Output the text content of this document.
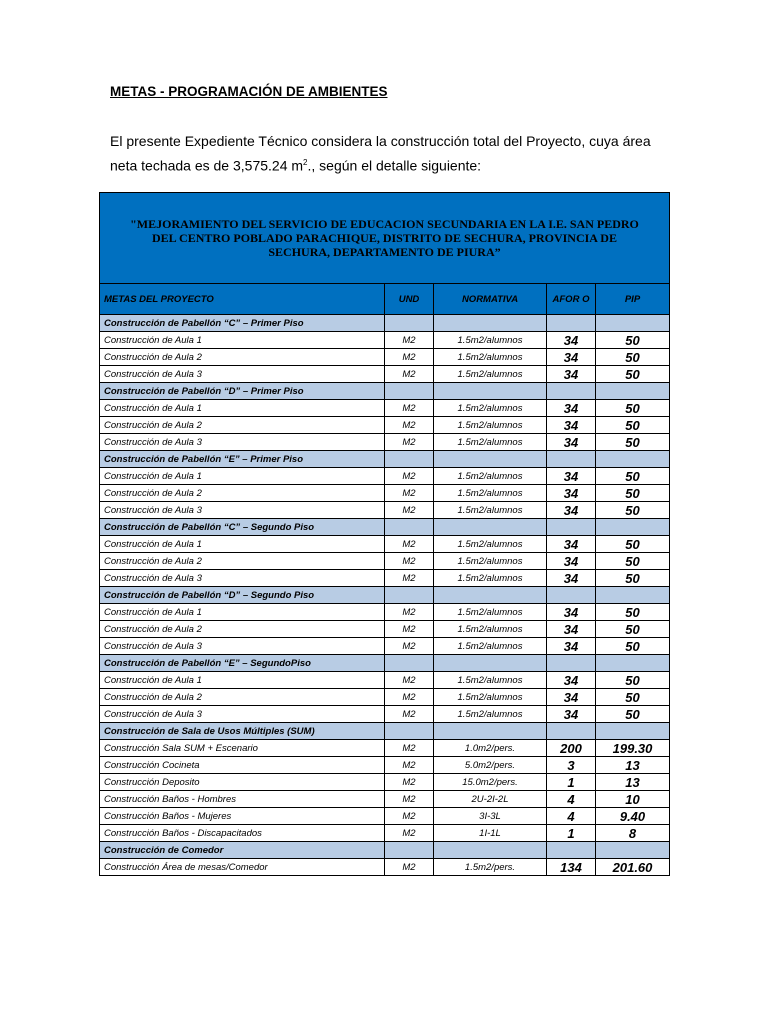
METAS - PROGRAMACIÓN DE AMBIENTES
El presente Expediente Técnico considera la construcción total del Proyecto, cuya área neta techada es de 3,575.24 $m^2$., según el detalle siguiente:
"MEJORAMIENTO DEL SERVICIO DE EDUCACION SECUNDARIA EN LA I.E. SAN PEDRO DEL CENTRO POBLADO PARACHIQUE, DISTRITO DE SECHURA, PROVINCIA DE SECHURA, DEPARTAMENTO DE PIURA”				
METAS DEL PROYECTO	UND	NORMATIVA	AFOR O	PIP
Construcción de Pabellón “C” – Primer Piso				
Construcción de Aula 1	M2	1.5m2/alumnos	34	50
Construcción de Aula 2	M2	1.5m2/alumnos	34	50
Construcción de Aula 3	M2	1.5m2/alumnos	34	50
Construcción de Pabellón “D” – Primer Piso				
Construcción de Aula 1	M2	1.5m2/alumnos	34	50
Construcción de Aula 2	M2	1.5m2/alumnos	34	50
Construcción de Aula 3	M2	1.5m2/alumnos	34	50
Construcción de Pabellón “E” – Primer Piso				
Construcción de Aula 1	M2	1.5m2/alumnos	34	50
Construcción de Aula 2	M2	1.5m2/alumnos	34	50
Construcción de Aula 3	M2	1.5m2/alumnos	34	50
Construcción de Pabellón “C” – Segundo Piso				
Construcción de Aula 1	M2	1.5m2/alumnos	34	50
Construcción de Aula 2	M2	1.5m2/alumnos	34	50
Construcción de Aula 3	M2	1.5m2/alumnos	34	50
Construcción de Pabellón “D” – Segundo Piso				
Construcción de Aula 1	M2	1.5m2/alumnos	34	50
Construcción de Aula 2	M2	1.5m2/alumnos	34	50
Construcción de Aula 3	M2	1.5m2/alumnos	34	50
Construcción de Pabellón “E” – SegundoPiso				
Construcción de Aula 1	M2	1.5m2/alumnos	34	50
Construcción de Aula 2	M2	1.5m2/alumnos	34	50
Construcción de Aula 3	M2	1.5m2/alumnos	34	50
Construcción de Sala de Usos Múltiples (SUM)				
Construcción Sala SUM + Escenario	M2	1.0m2/pers.	200	199.30
Construcción Cocineta	M2	5.0m2/pers.	3	13
Construcción Deposito	M2	15.0m2/pers.	1	13
Construcción Baños - Hombres	M2	2U-2I-2L	4	10
Construcción Baños - Mujeres	M2	3I-3L	4	9.40
Construcción Baños - Discapacitados	M2	1I-1L	1	8
Construcción de Comedor				
Construcción Área de mesas/Comedor	M2	1.5m2/pers.	134	201.60
